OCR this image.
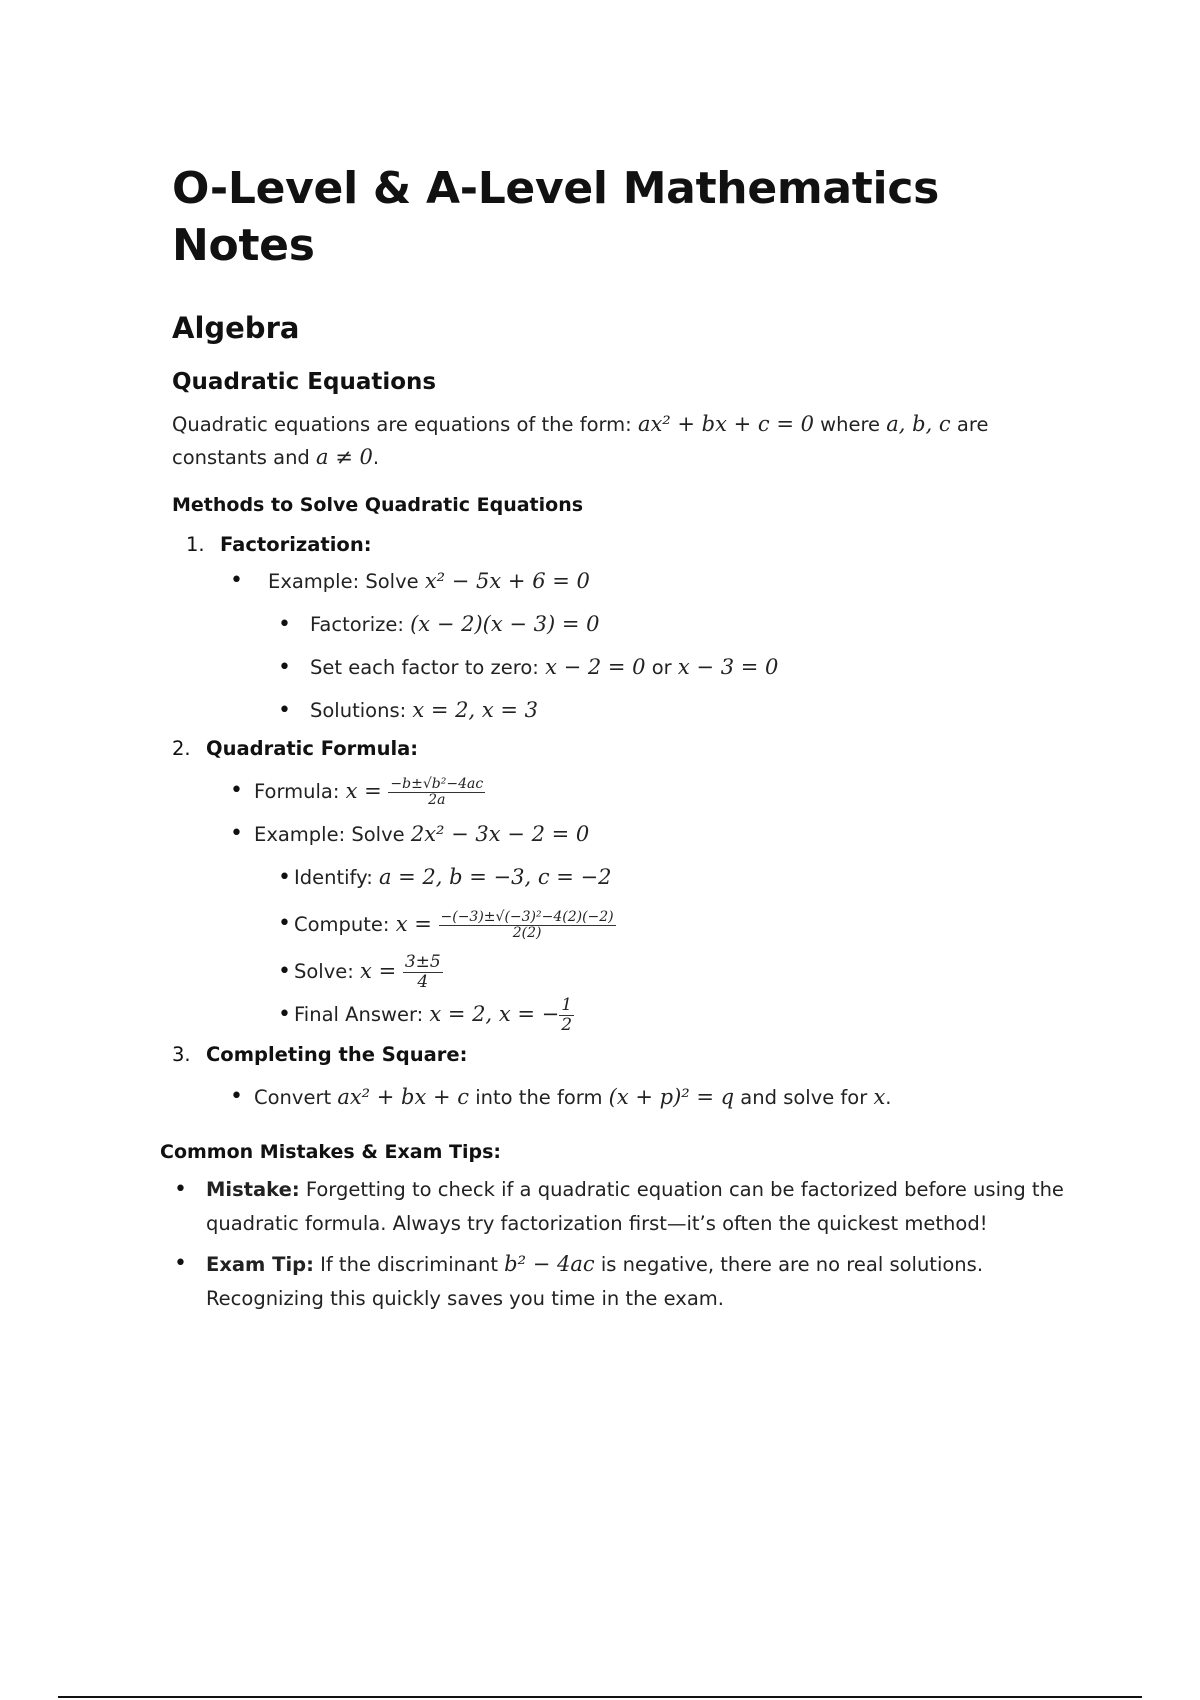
O-Level & A-Level Mathematics Notes
Algebra
Quadratic Equations

Quadratic equations are equations of the form: ax² + bx + c = 0 where a, b, c are constants and a ≠ 0.

Methods to Solve Quadratic Equations
1. Factorization:
• Example: Solve x² − 5x + 6 = 0
• Factorize: (x − 2)(x − 3) = 0
• Set each factor to zero: x − 2 = 0 or x − 3 = 0
• Solutions: x = 2, x = 3
2. Quadratic Formula:
• Formula: $x = \frac{\text{−b±√b²−4ac}}{2a}$
• Example: Solve 2x² − 3x − 2 = 0
• Identify: a = 2, b = −3, c = −2
• Compute: $x = \frac{\text{−(−3)±√(−3)²−4(2)(−2)}}{2(2)}$
• Solve: $x = \frac{3\pm 5}{4}$
• Final Answer: x = 2, x = − $\frac{1}{2}$
3. Completing the Square:
• Convert ax² + bx + c into the form (x + p)² = q and solve for x.
Common Mistakes & Exam Tips:
• Mistake: Forgetting to check if a quadratic equation can be factorized before using the quadratic formula. Always try factorization first—it’s often the quickest method!
• Exam Tip: If the discriminant b² − 4ac is negative, there are no real solutions. Recognizing this quickly saves you time in the exam.
